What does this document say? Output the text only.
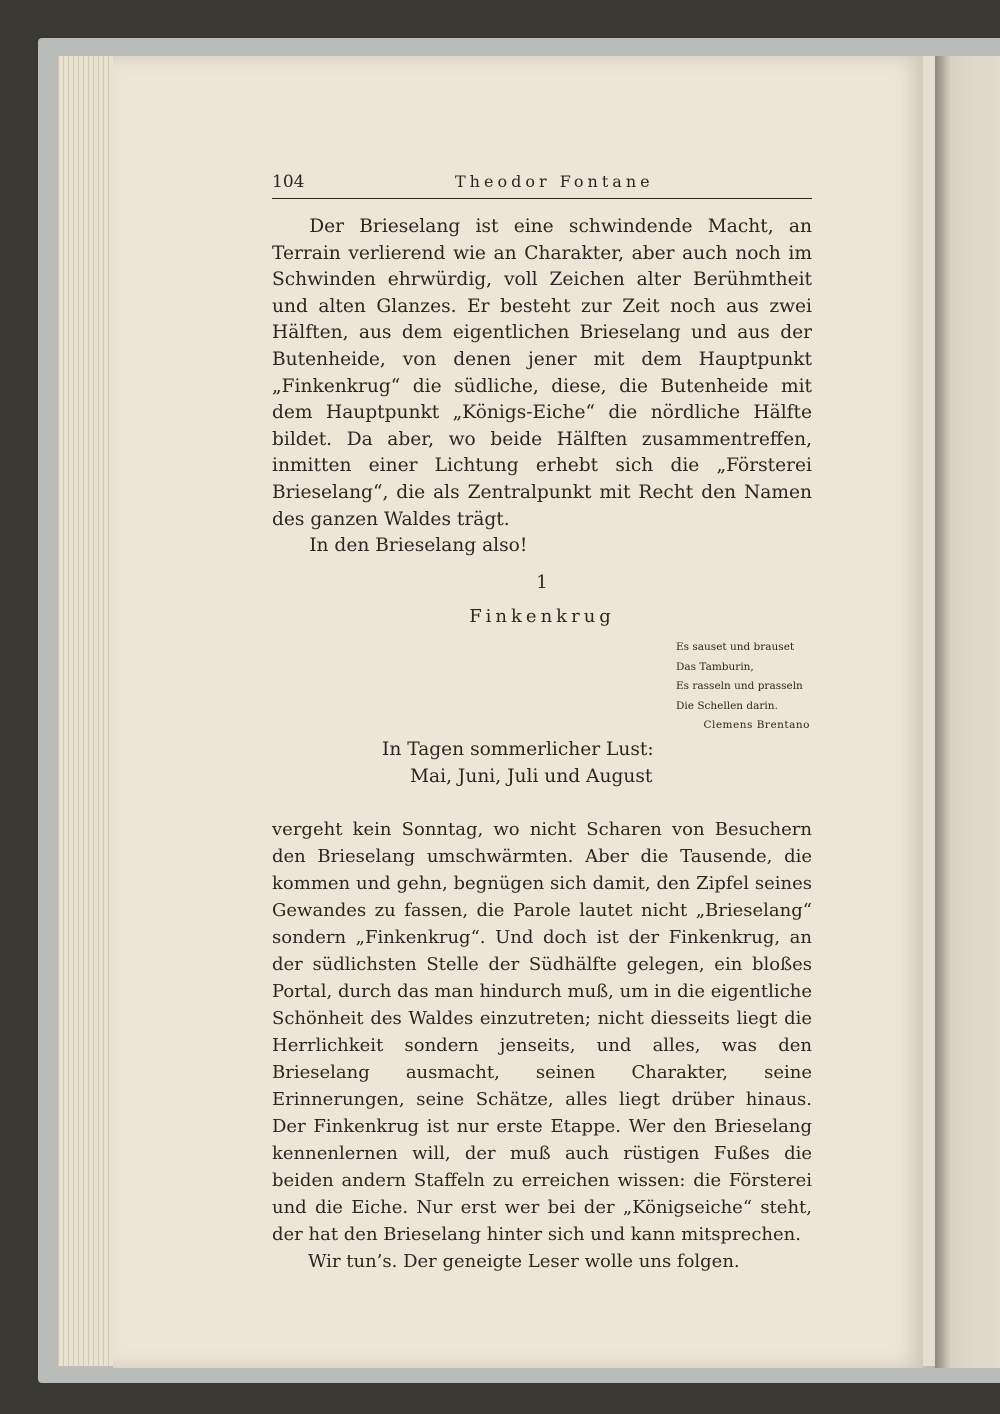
104	Theodor Fontane

Der Brieselang ist eine schwindende Macht, an Terrain verlierend wie an Charakter, aber auch noch im Schwinden ehrwürdig, voll Zeichen alter Berühmtheit und alten Glanzes. Er besteht zur Zeit noch aus zwei Hälften, aus dem eigentlichen Brieselang und aus der Butenheide, von denen jener mit dem Hauptpunkt „Finkenkrug“ die südliche, diese, die Butenheide mit dem Hauptpunkt „Königs-Eiche“ die nördliche Hälfte bildet. Da aber, wo beide Hälften zusammentreffen, inmitten einer Lichtung erhebt sich die „Försterei Brieselang“, die als Zentralpunkt mit Recht den Namen des ganzen Waldes trägt.

In den Brieselang also!

1
Finkenkrug
Es sauset und brauset
Das Tamburin,
Es rasseln und prasseln
Die Schellen darin.
Clemens Brentano
In Tagen sommerlicher Lust:
Mai, Juni, Juli und August

vergeht kein Sonntag, wo nicht Scharen von Besuchern den Brieselang umschwärmten. Aber die Tausende, die kommen und gehn, begnügen sich damit, den Zipfel seines Gewandes zu fassen, die Parole lautet nicht „Brieselang“ sondern „Finkenkrug“. Und doch ist der Finkenkrug, an der südlichsten Stelle der Südhälfte gelegen, ein bloßes Portal, durch das man hindurch muß, um in die eigentliche Schönheit des Waldes einzutreten; nicht diesseits liegt die Herrlichkeit sondern jenseits, und alles, was den Brieselang ausmacht, seinen Charakter, seine Erinnerungen, seine Schätze, alles liegt drüber hinaus. Der Finkenkrug ist nur erste Etappe. Wer den Brieselang kennenlernen will, der muß auch rüstigen Fußes die beiden andern Staffeln zu erreichen wissen: die Försterei und die Eiche. Nur erst wer bei der „Königseiche“ steht, der hat den Brieselang hinter sich und kann mitsprechen.

Wir tun’s. Der geneigte Leser wolle uns folgen.
